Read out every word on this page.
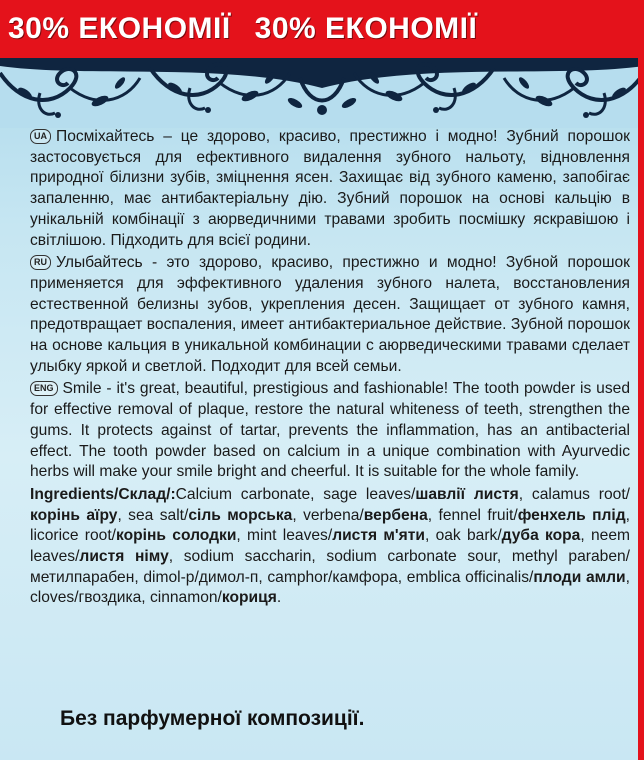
30% ЕКОНОМІЇ 30% ЕКОНОМІЇ

UA Посміхайтесь – це здорово, красиво, престижно і модно! Зубний порошок застосовується для ефективного видалення зубного нальоту, відновлення природної білизни зубів, зміцнення ясен. Захищає від зубного каменю, запобігає запаленню, має антибактеріальну дію. Зубний порошок на основі кальцію в унікальній комбінації з аюрведичними травами зробить посмішку яскравішою і світлішою. Підходить для всієї родини.

RU Улыбайтесь - это здорово, красиво, престижно и модно! Зубной порошок применяется для эффективного удаления зубного налета, восстановления естественной белизны зубов, укрепления десен. Защищает от зубного камня, предотвращает воспаления, имеет антибактериальное действие. Зубной порошок на основе кальция в уникальной комбинации с аюрведическими травами сделает улыбку яркой и светлой. Подходит для всей семьи.

ENG Smile - it's great, beautiful, prestigious and fashionable! The tooth powder is used for effective removal of plaque, restore the natural whiteness of teeth, strengthen the gums. It protects against of tartar, prevents the inflammation, has an antibacterial effect. The tooth powder based on calcium in a unique combination with Ayurvedic herbs will make your smile bright and cheerful. It is suitable for the whole family.

Ingredients/Склад/:Calcium carbonate, sage leaves/шавлії листя, calamus root/корінь аїру, sea salt/сіль морська, verbena/вербена, fennel fruit/фенхель плід, licorice root/корінь солодки, mint leaves/листя м'яти, oak bark/дуба кора, neem leaves/листя німу, sodium saccharin, sodium carbonate sour, methyl paraben/метилпарабен, dimol-p/димол-п, camphor/камфора, emblica officinalis/плоди амли, cloves/гвоздика, cinnamon/кориця.

Без парфумерної композиції.
